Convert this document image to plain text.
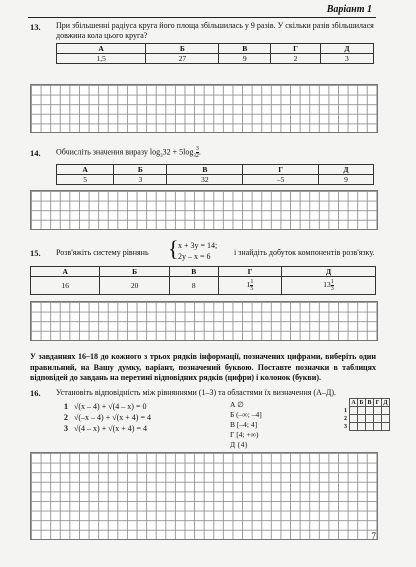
Варіант 1
13. При збільшенні радіуса круга його площа збільшилась у 9 разів. У скільки разів збільшилася довжина кола цього круга?
А	Б	В	Г	Д
1,5	27	9	2	3
14. Обчисліть значення виразу $\log_332 + 5\log_3 \frac{3}{2}$ .
А	Б	В	Г	Д
5	3	32	–5	9
15. Розв'яжіть систему рівнянь { x + 3y = 14;
2y – x = 6	і знайдіть добуток компонентів розв'язку.
А	Б	В	Г	Д
16	20	8	$1 \frac{1}{5}$	$13 \frac{1}{3}$
У завданнях 16–18 до кожного з трьох рядків інформації, позначених цифрами, виберіть один правильний, на Вашу думку, варіант, позначений буквою. Поставте позначки в таблицях відповідей до завдань на перетині відповідних рядків (цифри) і колонок (букви).
16. Установіть відповідність між рівняннями (1–3) та областями їх визначення (А–Д).
1 √(x – 4) + √(4 – x) = 0
2 √(–x – 4) + √(x + 4) = 4
3 √(4 – x) + √(x + 4) = 4
А ∅
Б (–∞; –4]
В [–4; 4]
Г [4; +∞)
Д {4}
	А	Б	В	Г	Д
1					
2					
3					
7
